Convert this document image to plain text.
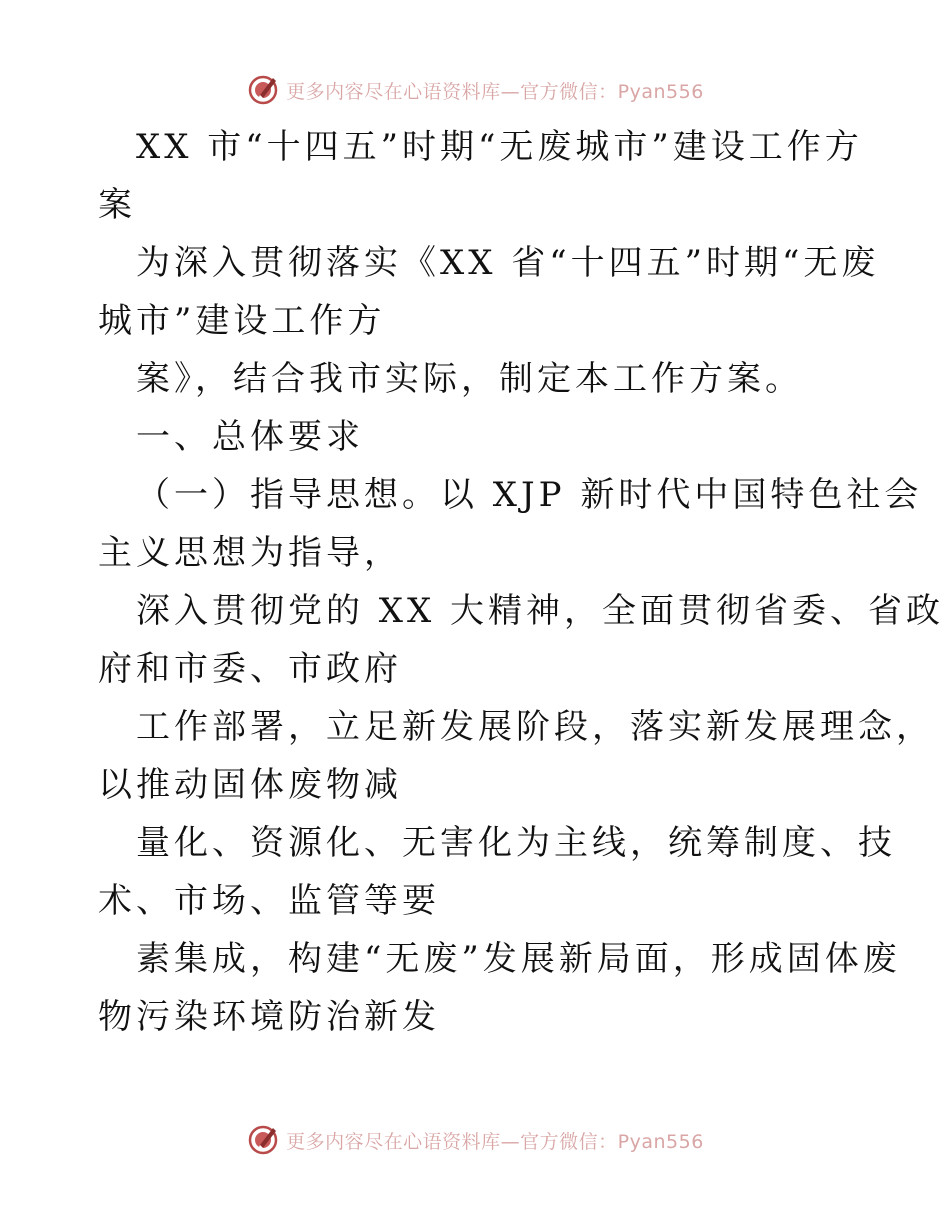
更多内容尽在心语资料库—官方微信：Pyan556
XX 市“十四五”时期“无废城市”建设工作方
案
为深入贯彻落实《XX 省“十四五”时期“无废
城市”建设工作方
案》，结合我市实际，制定本工作方案。
一、总体要求
（一）指导思想。以 XJP 新时代中国特色社会
主义思想为指导，
深入贯彻党的 XX 大精神，全面贯彻省委、省政
府和市委、市政府
工作部署，立足新发展阶段，落实新发展理念，
以推动固体废物减
量化、资源化、无害化为主线，统筹制度、技
术、市场、监管等要
素集成，构建“无废”发展新局面，形成固体废
物污染环境防治新发
更多内容尽在心语资料库—官方微信：Pyan556
